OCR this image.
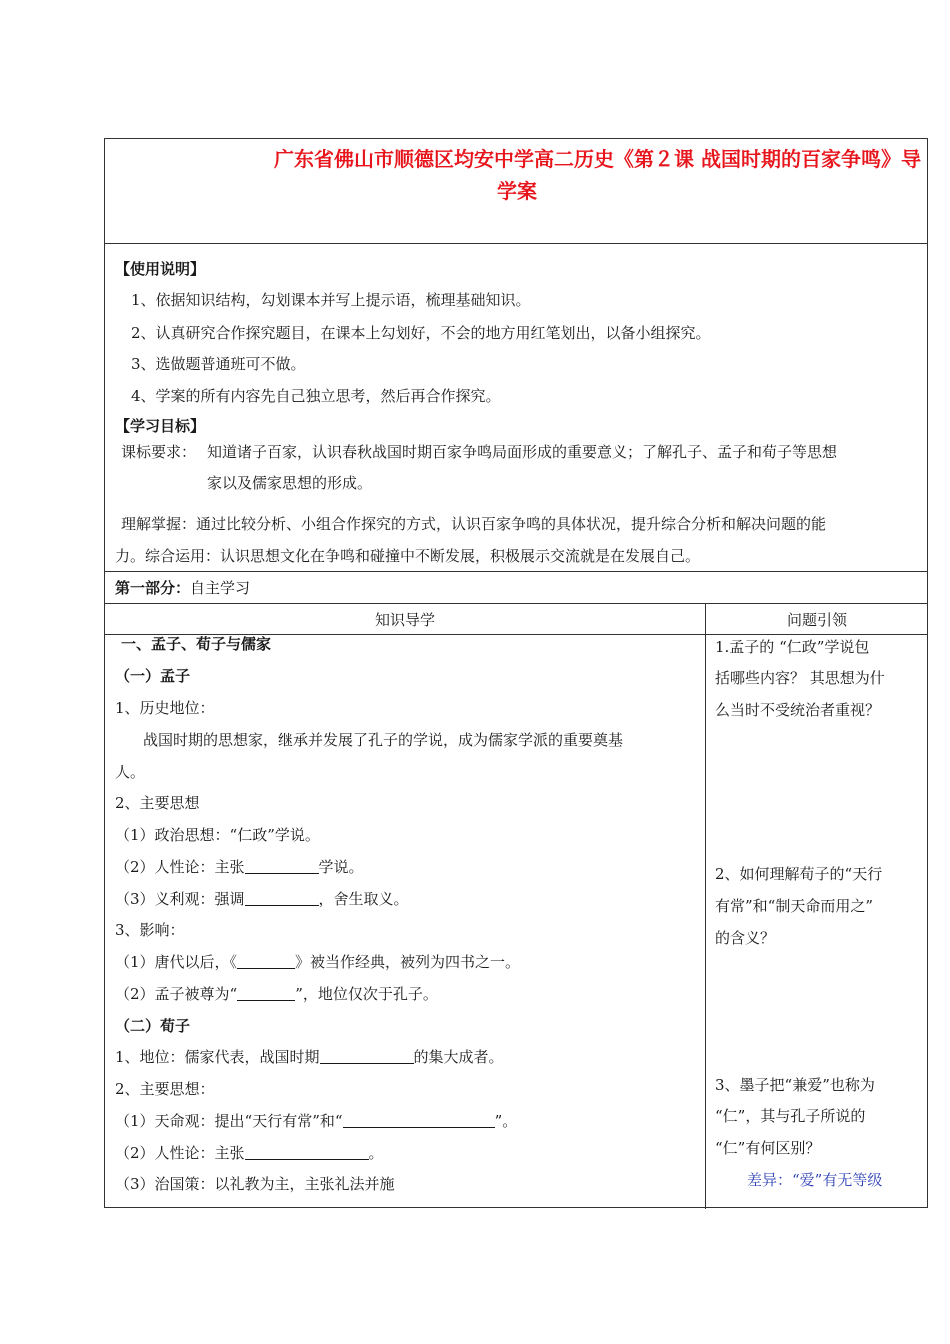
广东省佛山市顺德区均安中学高二历史《第２课 战国时期的百家争鸣》导
学案
【使用说明】
1、依据知识结构，勾划课本并写上提示语，梳理基础知识。
2、认真研究合作探究题目，在课本上勾划好，不会的地方用红笔划出，以备小组探究。
3、选做题普通班可不做。
4、学案的所有内容先自己独立思考，然后再合作探究。
【学习目标】
课标要求： 知道诸子百家，认识春秋战国时期百家争鸣局面形成的重要意义；了解孔子、孟子和荀子等思想
家以及儒家思想的形成。
理解掌握：通过比较分析、小组合作探究的方式，认识百家争鸣的具体状况，提升综合分析和解决问题的能
力。综合运用：认识思想文化在争鸣和碰撞中不断发展，积极展示交流就是在发展自己。
第一部分：自主学习
知识导学	问题引领
一、孟子、荀子与儒家
（一）孟子
1、历史地位：
战国时期的思想家，继承并发展了孔子的学说，成为儒家学派的重要奠基
人。
2、主要思想
（1）政治思想：“仁政”学说。
（2）人性论：主张	学说。
（3）义利观：强调	，舍生取义。
3、影响：
（1）唐代以后，《	》被当作经典，被列为四书之一。
（2）孟子被尊为“	”，地位仅次于孔子。
（二）荀子
1、地位：儒家代表，战国时期	的集大成者。
2、主要思想：
（1）天命观：提出“天行有常”和“	”。
（2）人性论：主张	。
（3）治国策：以礼教为主，主张礼法并施
1.孟子的 “仁政”学说包
括哪些内容？ 其思想为什
么当时不受统治者重视？
2、如何理解荀子的“天行
有常”和“制天命而用之”
的含义？
3、墨子把“兼爱”也称为
“仁”，其与孔子所说的
“仁”有何区别？
差异：“爱”有无等级
